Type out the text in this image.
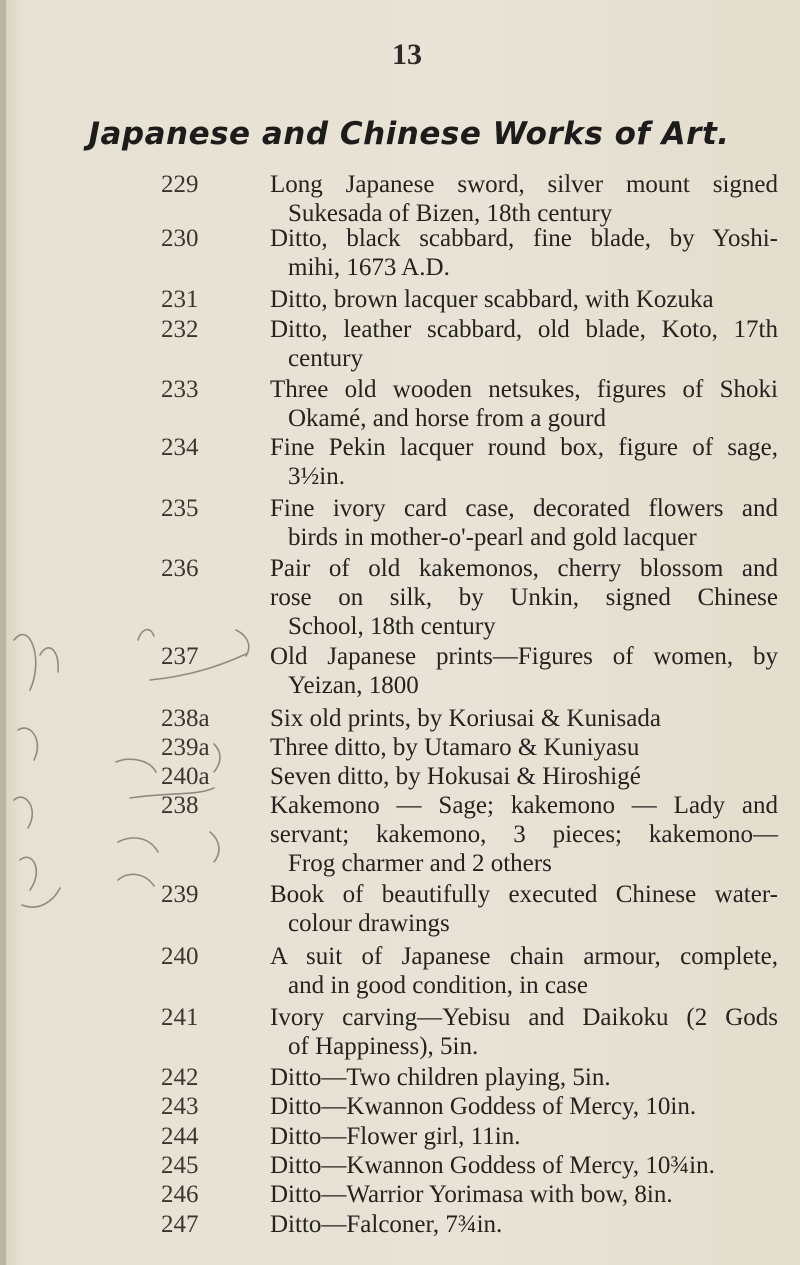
13
Japanese and Chinese Works of Art.
229	Long Japanese sword, silver mount signed
Sukesada of Bizen, 18th century
230	Ditto, black scabbard, fine blade, by Yoshi-
mihi, 1673 A.D.
231	Ditto, brown lacquer scabbard, with Kozuka
232	Ditto, leather scabbard, old blade, Koto, 17th
century
233	Three old wooden netsukes, figures of Shoki
Okamé, and horse from a gourd
234	Fine Pekin lacquer round box, figure of sage,
3½in.
235	Fine ivory card case, decorated flowers and
birds in mother-o'-pearl and gold lacquer
236	Pair of old kakemonos, cherry blossom and
rose on silk, by Unkin, signed Chinese
School, 18th century
237	Old Japanese prints—Figures of women, by
Yeizan, 1800
238a	Six old prints, by Koriusai & Kunisada
239a	Three ditto, by Utamaro & Kuniyasu
240a	Seven ditto, by Hokusai & Hiroshigé
238	Kakemono — Sage; kakemono — Lady and
servant; kakemono, 3 pieces; kakemono—
Frog charmer and 2 others
239	Book of beautifully executed Chinese water-
colour drawings
240	A suit of Japanese chain armour, complete,
and in good condition, in case
241	Ivory carving—Yebisu and Daikoku (2 Gods
of Happiness), 5in.
242	Ditto—Two children playing, 5in.
243	Ditto—Kwannon Goddess of Mercy, 10in.
244	Ditto—Flower girl, 11in.
245	Ditto—Kwannon Goddess of Mercy, 10¾in.
246	Ditto—Warrior Yorimasa with bow, 8in.
247	Ditto—Falconer, 7¾in.
